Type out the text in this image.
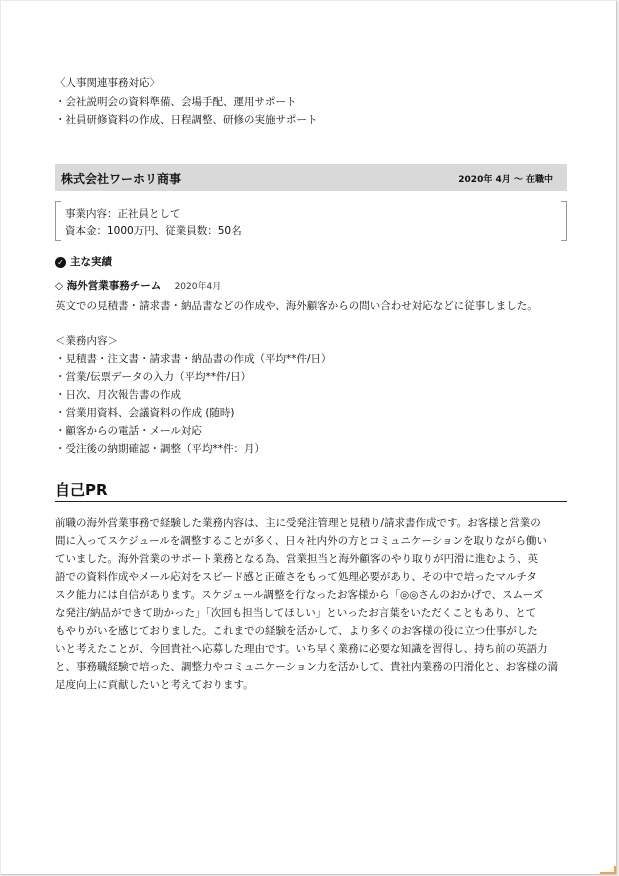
〈人事関連事務対応〉
・会社説明会の資料準備、会場手配、運用サポート
・社員研修資料の作成、日程調整、研修の実施サポート
株式会社ワーホリ商事	2020年 4月 〜 在職中
事業内容：正社員として
資本金：1000万円、従業員数：50名
✓ 主な実績
◇ 海外営業事務チーム 2020年4月
英文での見積書・請求書・納品書などの作成や、海外顧客からの問い合わせ対応などに従事しました。
＜業務内容＞
・見積書・注文書・請求書・納品書の作成（平均**件/日）
・営業/伝票データの入力（平均**件/日）
・日次、月次報告書の作成
・営業用資料、会議資料の作成 (随時)
・顧客からの電話・メール対応
・受注後の納期確認・調整（平均**件：月）
自己PR
前職の海外営業事務で経験した業務内容は、主に受発注管理と見積り/請求書作成です。お客様と営業の
間に入ってスケジュールを調整することが多く、日々社内外の方とコミュニケーションを取りながら働い
ていました。海外営業のサポート業務となる為、営業担当と海外顧客のやり取りが円滑に進むよう、英
語での資料作成やメール応対をスピード感と正確さをもって処理必要があり、その中で培ったマルチタ
スク能力には自信があります。スケジュール調整を行なったお客様から「◎◎さんのおかげで、スムーズ
な発注/納品ができて助かった」「次回も担当してほしい」といったお言葉をいただくこともあり、とて
もやりがいを感じておりました。これまでの経験を活かして、より多くのお客様の役に立つ仕事がした
いと考えたことが、今回貴社へ応募した理由です。いち早く業務に必要な知識を習得し、持ち前の英語力
と、事務職経験で培った、調整力やコミュニケーション力を活かして、貴社内業務の円滑化と、お客様の満
足度向上に貢献したいと考えております。
